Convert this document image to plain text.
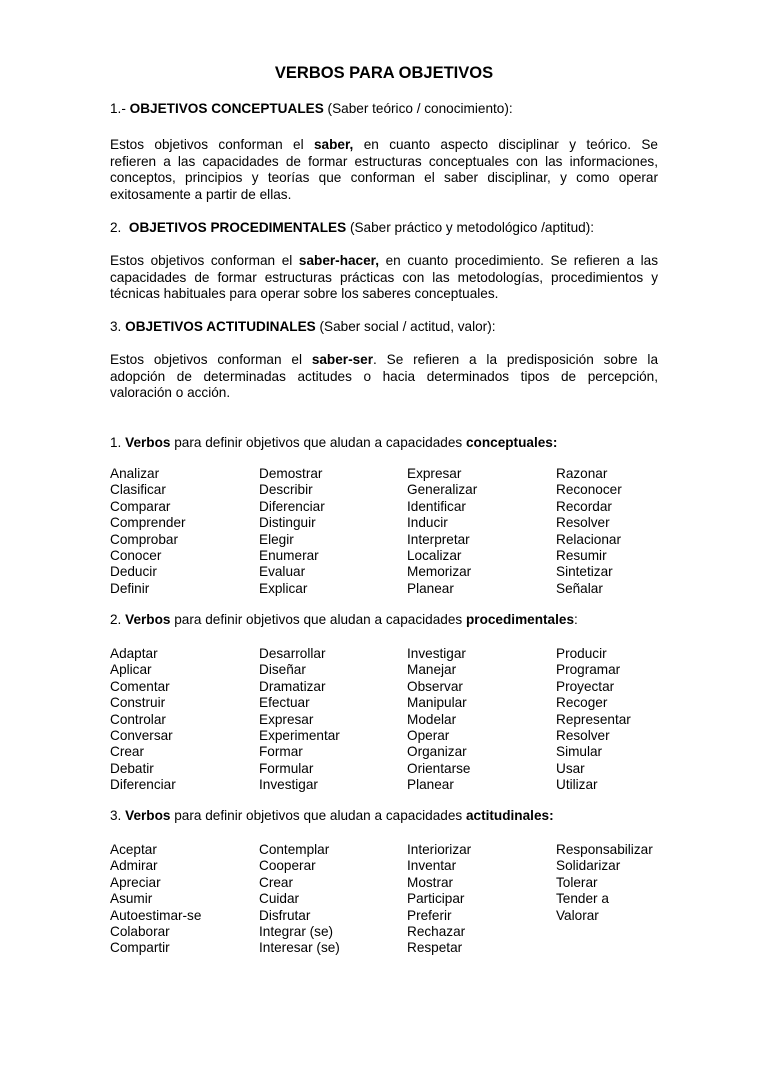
VERBOS PARA OBJETIVOS
1.- OBJETIVOS CONCEPTUALES (Saber teórico / conocimiento):
Estos objetivos conforman el saber, en cuanto aspecto disciplinar y teórico. Se
refieren a las capacidades de formar estructuras conceptuales con las informaciones,
conceptos, principios y teorías que conforman el saber disciplinar, y como operar
exitosamente a partir de ellas.
2.  OBJETIVOS PROCEDIMENTALES (Saber práctico y metodológico /aptitud):
Estos objetivos conforman el saber-hacer, en cuanto procedimiento. Se refieren a las
capacidades de formar estructuras prácticas con las metodologías, procedimientos y
técnicas habituales para operar sobre los saberes conceptuales.
3. OBJETIVOS ACTITUDINALES (Saber social / actitud, valor):
Estos objetivos conforman el saber-ser. Se refieren a la predisposición sobre la
adopción de determinadas actitudes o hacia determinados tipos de percepción,
valoración o acción.
1. Verbos para definir objetivos que aludan a capacidades conceptuales:
Analizar	Demostrar	Expresar	Razonar
Clasificar	Describir	Generalizar	Reconocer
Comparar	Diferenciar	Identificar	Recordar
Comprender	Distinguir	Inducir	Resolver
Comprobar	Elegir	Interpretar	Relacionar
Conocer	Enumerar	Localizar	Resumir
Deducir	Evaluar	Memorizar	Sintetizar
Definir	Explicar	Planear	Señalar
2. Verbos para definir objetivos que aludan a capacidades procedimentales:
Adaptar	Desarrollar	Investigar	Producir
Aplicar	Diseñar	Manejar	Programar
Comentar	Dramatizar	Observar	Proyectar
Construir	Efectuar	Manipular	Recoger
Controlar	Expresar	Modelar	Representar
Conversar	Experimentar	Operar	Resolver
Crear	Formar	Organizar	Simular
Debatir	Formular	Orientarse	Usar
Diferenciar	Investigar	Planear	Utilizar
3. Verbos para definir objetivos que aludan a capacidades actitudinales:
Aceptar	Contemplar	Interiorizar	Responsabilizar
Admirar	Cooperar	Inventar	Solidarizar
Apreciar	Crear	Mostrar	Tolerar
Asumir	Cuidar	Participar	Tender a
Autoestimar-se	Disfrutar	Preferir	Valorar
Colaborar	Integrar (se)	Rechazar
Compartir	Interesar (se)	Respetar
